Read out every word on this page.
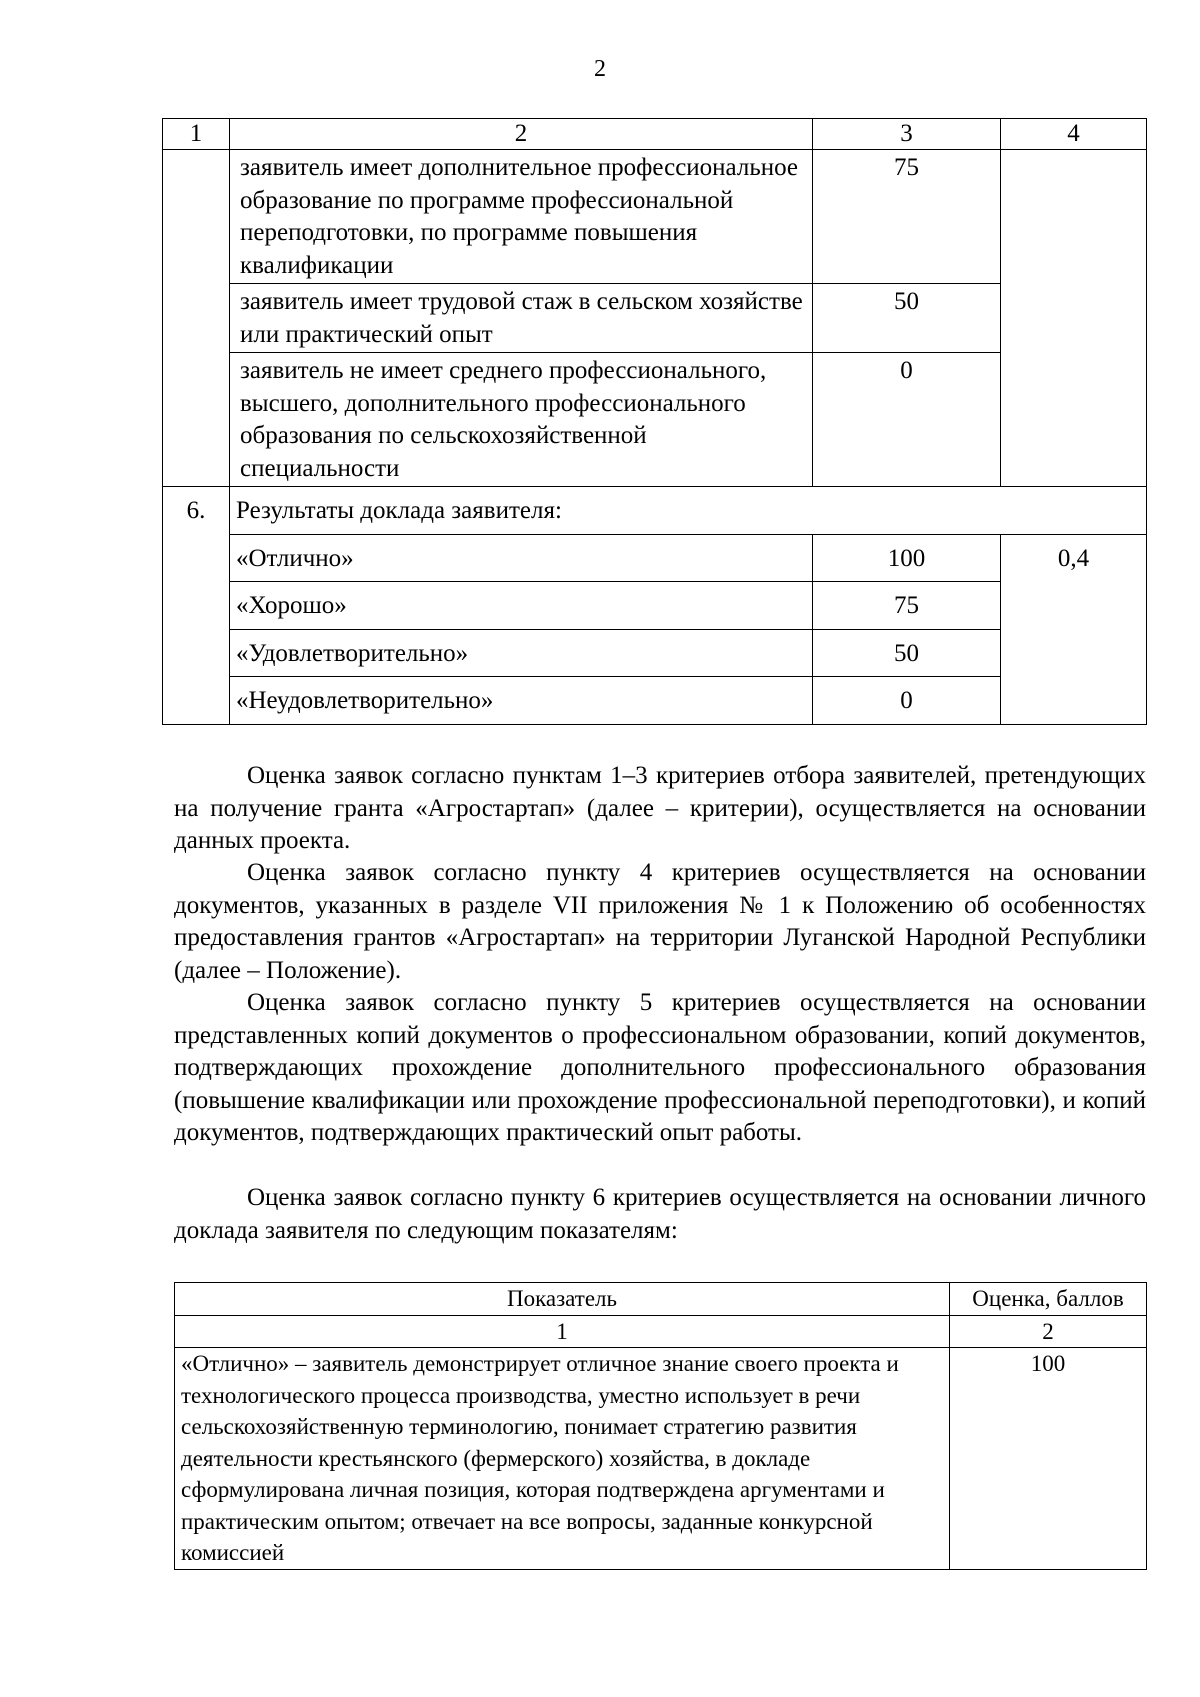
2
1	2	3	4
	заявитель имеет дополнительное профессиональное образование по программе профессиональной переподготовки, по программе повышения квалификации	75	
	заявитель имеет трудовой стаж в сельском хозяйстве или практический опыт	50	
	заявитель не имеет среднего профессионального, высшего, дополнительного профессионального образования по сельскохозяйственной специальности	0	
6.	Результаты доклада заявителя:		
	«Отлично»	100	0,4
	«Хорошо»	75	
	«Удовлетворительно»	50	
	«Неудовлетворительно»	0	

Оценка заявок согласно пунктам 1–3 критериев отбора заявителей, претендующих на получение гранта «Агростартап» (далее – критерии), осуществляется на основании данных проекта.

Оценка заявок согласно пункту 4 критериев осуществляется на основании документов, указанных в разделе VII приложения № 1 к Положению об особенностях предоставления грантов «Агростартап» на территории Луганской Народной Республики (далее – Положение).

Оценка заявок согласно пункту 5 критериев осуществляется на основании представленных копий документов о профессиональном образовании, копий документов, подтверждающих прохождение дополнительного профессионального образования (повышение квалификации или прохождение профессиональной переподготовки), и копий документов, подтверждающих практический опыт работы.

Оценка заявок согласно пункту 6 критериев осуществляется на основании личного доклада заявителя по следующим показателям:

Показатель	Оценка, баллов
1	2
«Отлично» – заявитель демонстрирует отличное знание своего проекта и технологического процесса производства, уместно использует в речи сельскохозяйственную терминологию, понимает стратегию развития деятельности крестьянского (фермерского) хозяйства, в докладе сформулирована личная позиция, которая подтверждена аргументами и практическим опытом; отвечает на все вопросы, заданные конкурсной комиссией	100
